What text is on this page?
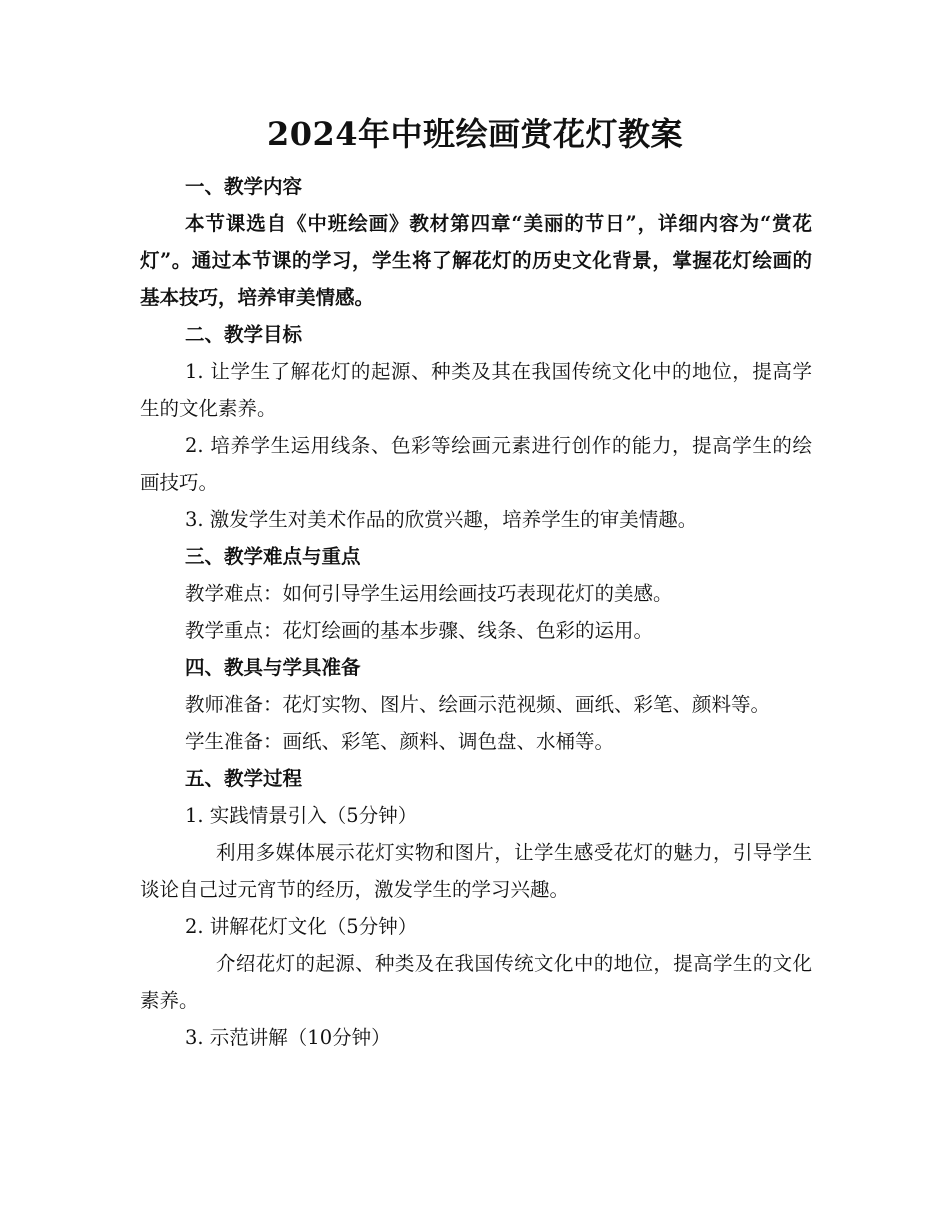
2024年中班绘画赏花灯教案

一、教学内容

本节课选自《中班绘画》教材第四章“美丽的节日”，详细内容为“赏花灯”。通过本节课的学习，学生将了解花灯的历史文化背景，掌握花灯绘画的基本技巧，培养审美情感。

二、教学目标

1. 让学生了解花灯的起源、种类及其在我国传统文化中的地位，提高学生的文化素养。

2. 培养学生运用线条、色彩等绘画元素进行创作的能力，提高学生的绘画技巧。

3. 激发学生对美术作品的欣赏兴趣，培养学生的审美情趣。

三、教学难点与重点

教学难点：如何引导学生运用绘画技巧表现花灯的美感。

教学重点：花灯绘画的基本步骤、线条、色彩的运用。

四、教具与学具准备

教师准备：花灯实物、图片、绘画示范视频、画纸、彩笔、颜料等。

学生准备：画纸、彩笔、颜料、调色盘、水桶等。

五、教学过程

1. 实践情景引入（5分钟）

利用多媒体展示花灯实物和图片，让学生感受花灯的魅力，引导学生谈论自己过元宵节的经历，激发学生的学习兴趣。

2. 讲解花灯文化（5分钟）

介绍花灯的起源、种类及在我国传统文化中的地位，提高学生的文化素养。

3. 示范讲解（10分钟）
